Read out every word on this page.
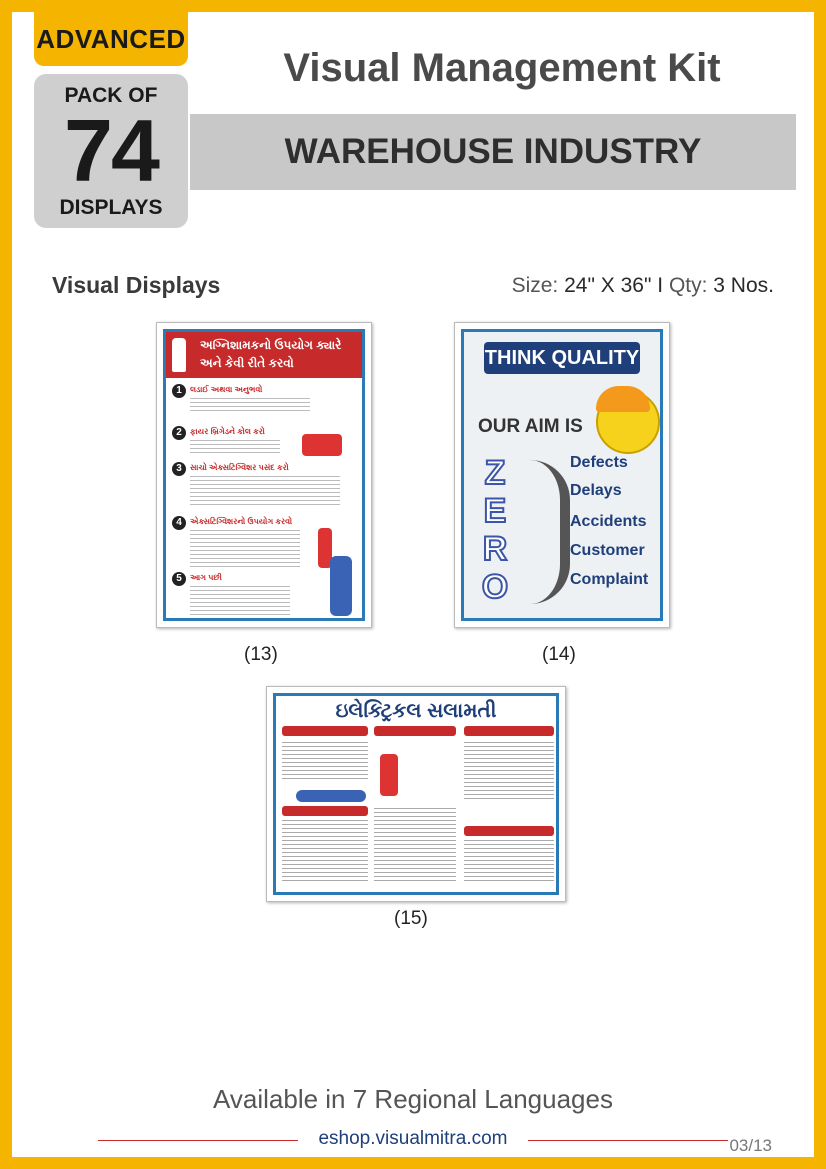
ADVANCED
PACK OF
74
DISPLAYS
Visual Management Kit
WAREHOUSE INDUSTRY
Visual Displays	Size: 24" X 36" I Qty: 3 Nos.
અગ્નિશામકનો ઉપયોગ ક્યારે અને કેવી રીતે કરવો
1	લડાઈ અથવા અનુભવો
2	ફાયર બ્રિગેડને કોલ કરો
3	સાચો એક્સટિંગ્વિશર પસંદ કરો
4	એક્સટિંગ્વિશરનો ઉપયોગ કરવો
5	આગ પછી
(13)
THINK QUALITY
OUR AIM IS
Z
E
R
O
Defects
Delays
Accidents
Customer
Complaint
(14)
ઇલેક્ટ્રિકલ સલામતી
(15)
Available in 7 Regional Languages
eshop.visualmitra.com	03/13
